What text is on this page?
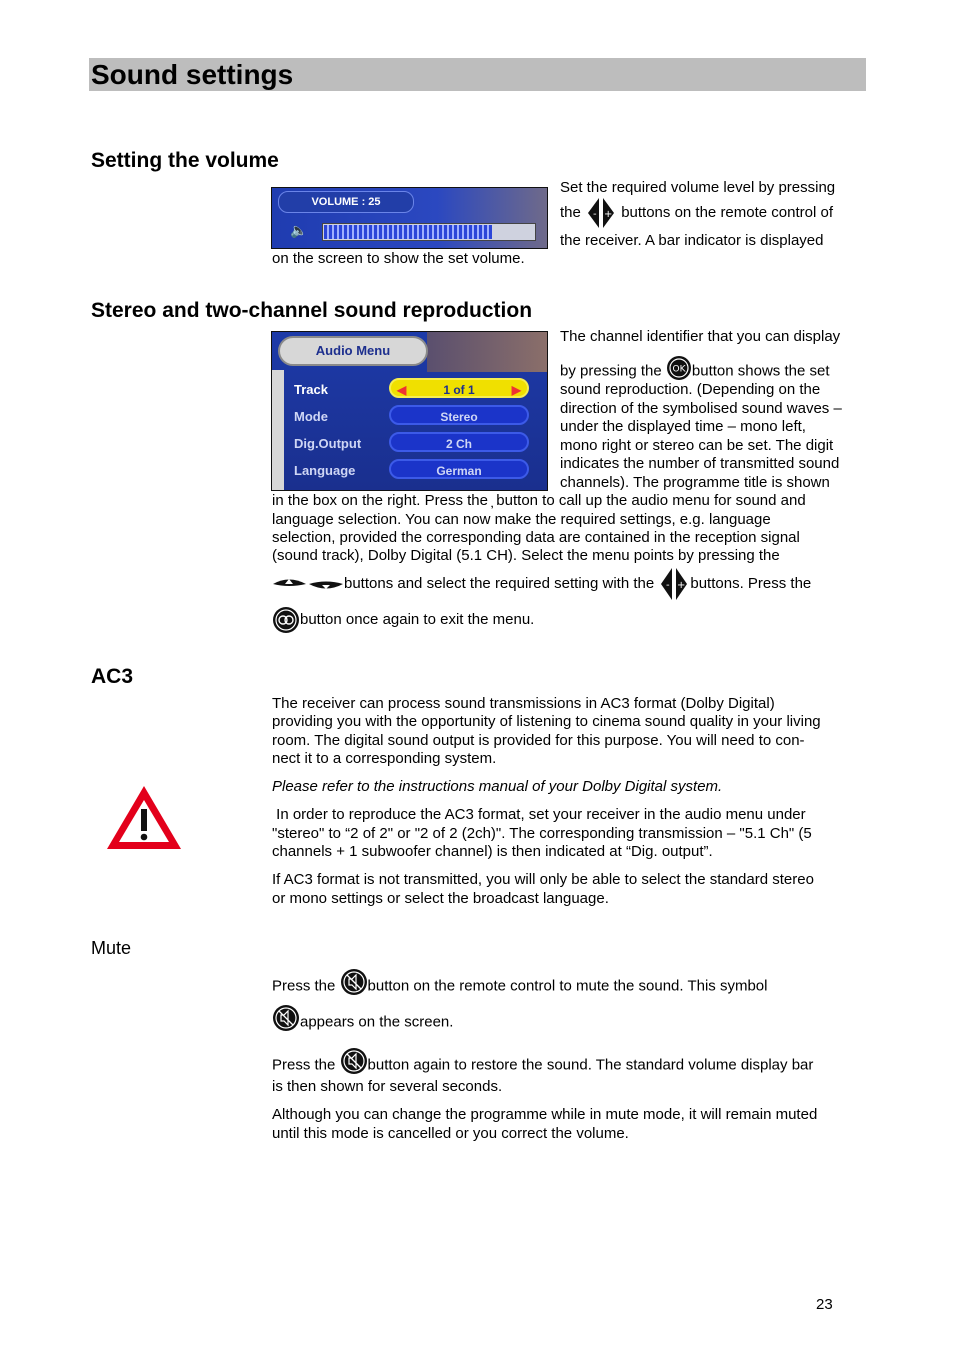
Sound settings
Setting the volume
VOLUME : 25
🔈
Set the required volume level by pressing
the - + buttons on the remote control of
the receiver. A bar indicator is displayed
on the screen to show the set volume.
Stereo and two-channel sound reproduction
Audio Menu
Track	◀	1 of 1	▶
Mode	Stereo
Dig.Output	2 Ch
Language	German
The channel identifier that you can display
by pressing the OK button shows the set
sound reproduction. (Depending on the
direction of the symbolised sound waves –
under the displayed time – mono left,
mono right or stereo can be set. The digit
indicates the number of transmitted sound
channels). The programme title is shown
in the box on the right. Press the ̦ button to call up the audio menu for sound and
language selection. You can now make the required settings, e.g. language
selection, provided the corresponding data are contained in the reception signal
(sound track), Dolby Digital (5.1 CH). Select the menu points by pressing the
buttons and select the required setting with the - + buttons. Press the
button once again to exit the menu.
AC3
The receiver can process sound transmissions in AC3 format (Dolby Digital)
providing you with the opportunity of listening to cinema sound quality in your living
room. The digital sound output is provided for this purpose. You will need to con-
nect it to a corresponding system.
Please refer to the instructions manual of your Dolby Digital system.
In order to reproduce the AC3 format, set your receiver in the audio menu under
"stereo" to “2 of 2" or "2 of 2 (2ch)". The corresponding transmission – "5.1 Ch" (5
channels + 1 subwoofer channel) is then indicated at “Dig. output”.
If AC3 format is not transmitted, you will only be able to select the standard stereo
or mono settings or select the broadcast language.
Mute
Press the button on the remote control to mute the sound. This symbol
appears on the screen.
Press the button again to restore the sound. The standard volume display bar
is then shown for several seconds.
Although you can change the programme while in mute mode, it will remain muted
until this mode is cancelled or you correct the volume.
23
